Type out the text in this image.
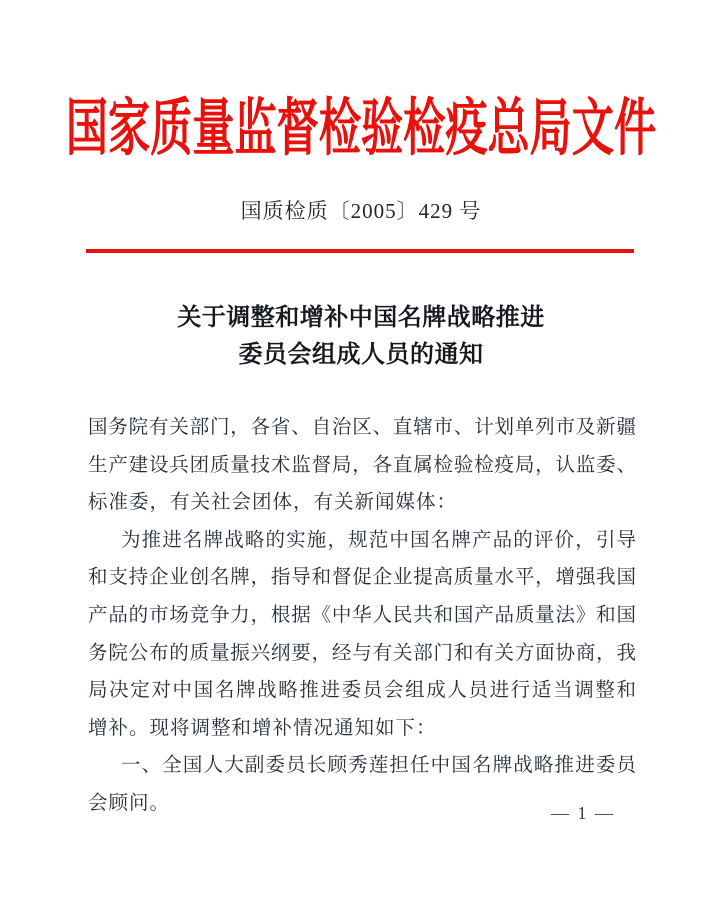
国家质量监督检验检疫总局文件
国质检质〔2005〕429 号
关于调整和增补中国名牌战略推进
委员会组成人员的通知
国务院有关部门，各省、自治区、直辖市、计划单列市及新疆
生产建设兵团质量技术监督局，各直属检验检疫局，认监委、
标准委，有关社会团体，有关新闻媒体：
为推进名牌战略的实施，规范中国名牌产品的评价，引导
和支持企业创名牌，指导和督促企业提高质量水平，增强我国
产品的市场竞争力，根据《中华人民共和国产品质量法》和国
务院公布的质量振兴纲要，经与有关部门和有关方面协商，我
局决定对中国名牌战略推进委员会组成人员进行适当调整和
增补。现将调整和增补情况通知如下：
一、全国人大副委员长顾秀莲担任中国名牌战略推进委员
会顾问。	— 1 —
